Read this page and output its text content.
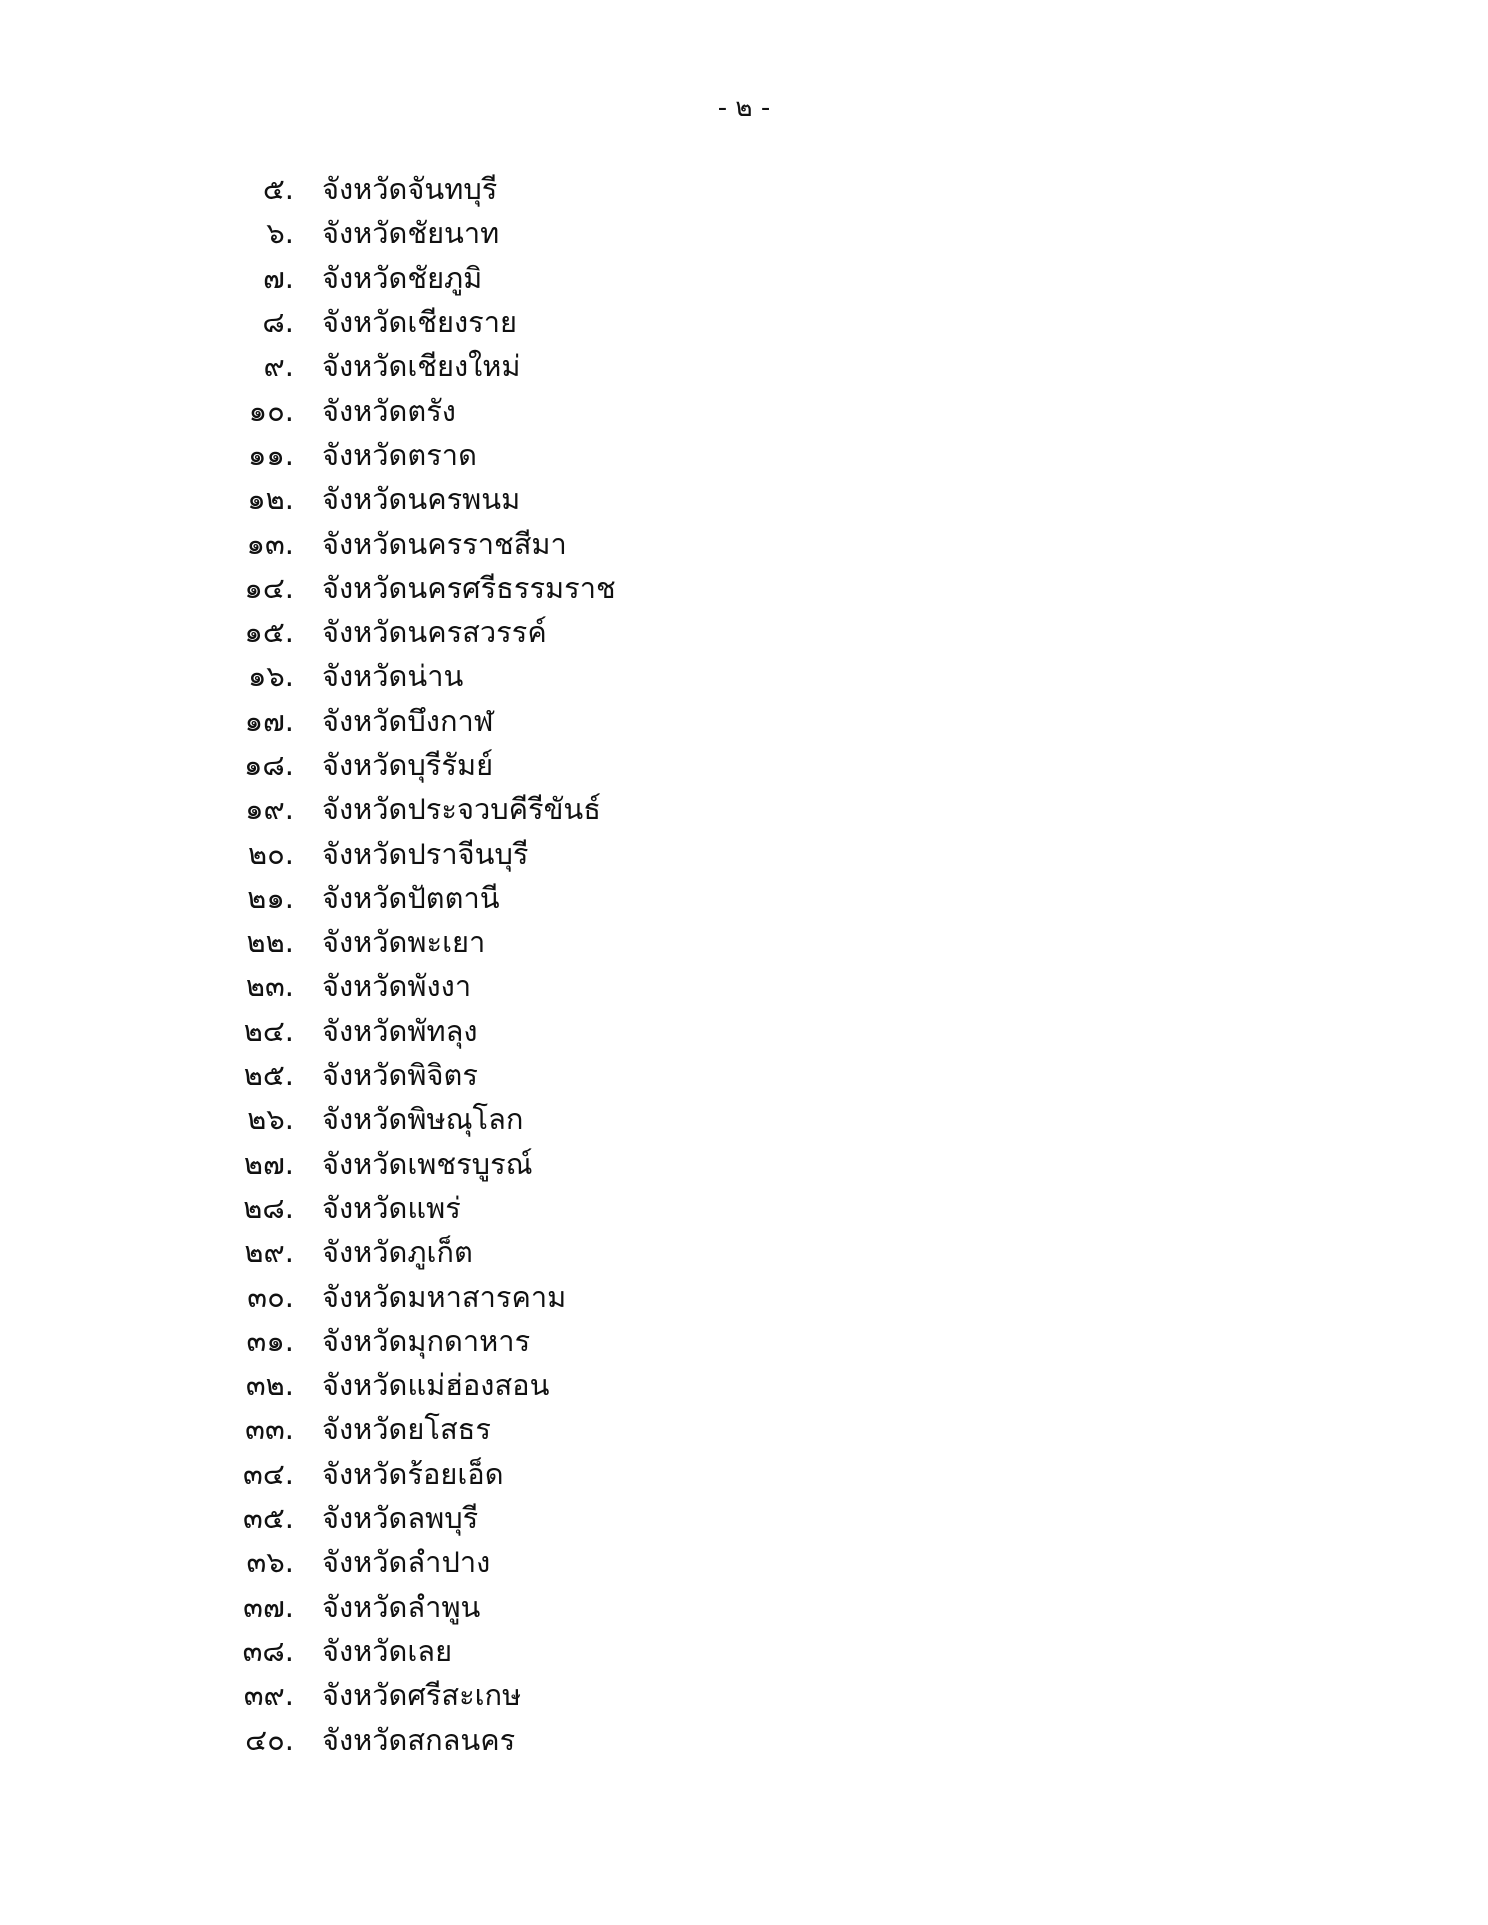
- ๒ -
๕. จังหวัดจันทบุรี
๖. จังหวัดชัยนาท
๗. จังหวัดชัยภูมิ
๘. จังหวัดเชียงราย
๙. จังหวัดเชียงใหม่
๑๐. จังหวัดตรัง
๑๑. จังหวัดตราด
๑๒. จังหวัดนครพนม
๑๓. จังหวัดนครราชสีมา
๑๔. จังหวัดนครศรีธรรมราช
๑๕. จังหวัดนครสวรรค์
๑๖. จังหวัดน่าน
๑๗. จังหวัดบึงกาฬ
๑๘. จังหวัดบุรีรัมย์
๑๙. จังหวัดประจวบคีรีขันธ์
๒๐. จังหวัดปราจีนบุรี
๒๑. จังหวัดปัตตานี
๒๒. จังหวัดพะเยา
๒๓. จังหวัดพังงา
๒๔. จังหวัดพัทลุง
๒๕. จังหวัดพิจิตร
๒๖. จังหวัดพิษณุโลก
๒๗. จังหวัดเพชรบูรณ์
๒๘. จังหวัดแพร่
๒๙. จังหวัดภูเก็ต
๓๐. จังหวัดมหาสารคาม
๓๑. จังหวัดมุกดาหาร
๓๒. จังหวัดแม่ฮ่องสอน
๓๓. จังหวัดยโสธร
๓๔. จังหวัดร้อยเอ็ด
๓๕. จังหวัดลพบุรี
๓๖. จังหวัดลำปาง
๓๗. จังหวัดลำพูน
๓๘. จังหวัดเลย
๓๙. จังหวัดศรีสะเกษ
๔๐. จังหวัดสกลนคร
